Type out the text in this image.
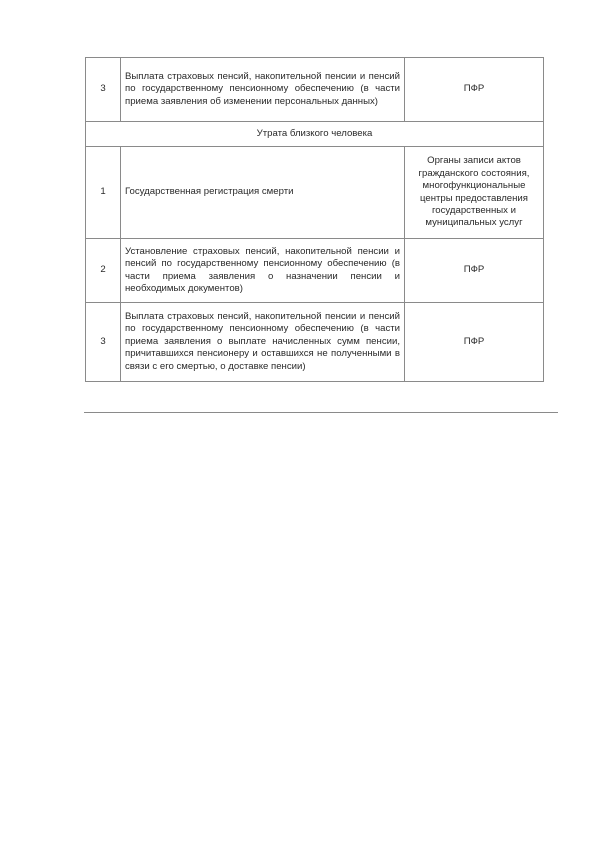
3	Выплата страховых пенсий, накопительной пенсии и пенсий по государственному пенсионному обеспечению (в части приема заявления об изменении персональных данных)	ПФР
Утрата близкого человека		
1	Государственная регистрация смерти	Органы записи актов гражданского состояния, многофункциональные центры предоставления государственных и муниципальных услуг
2	Установление страховых пенсий, накопительной пенсии и пенсий по государственному пенсионному обеспечению (в части приема заявления о назначении пенсии и необходимых документов)	ПФР
3	Выплата страховых пенсий, накопительной пенсии и пенсий по государственному пенсионному обеспечению (в части приема заявления о выплате начисленных сумм пенсии, причитавшихся пенсионеру и оставшихся не полученными в связи с его смертью, о доставке пенсии)	ПФР
